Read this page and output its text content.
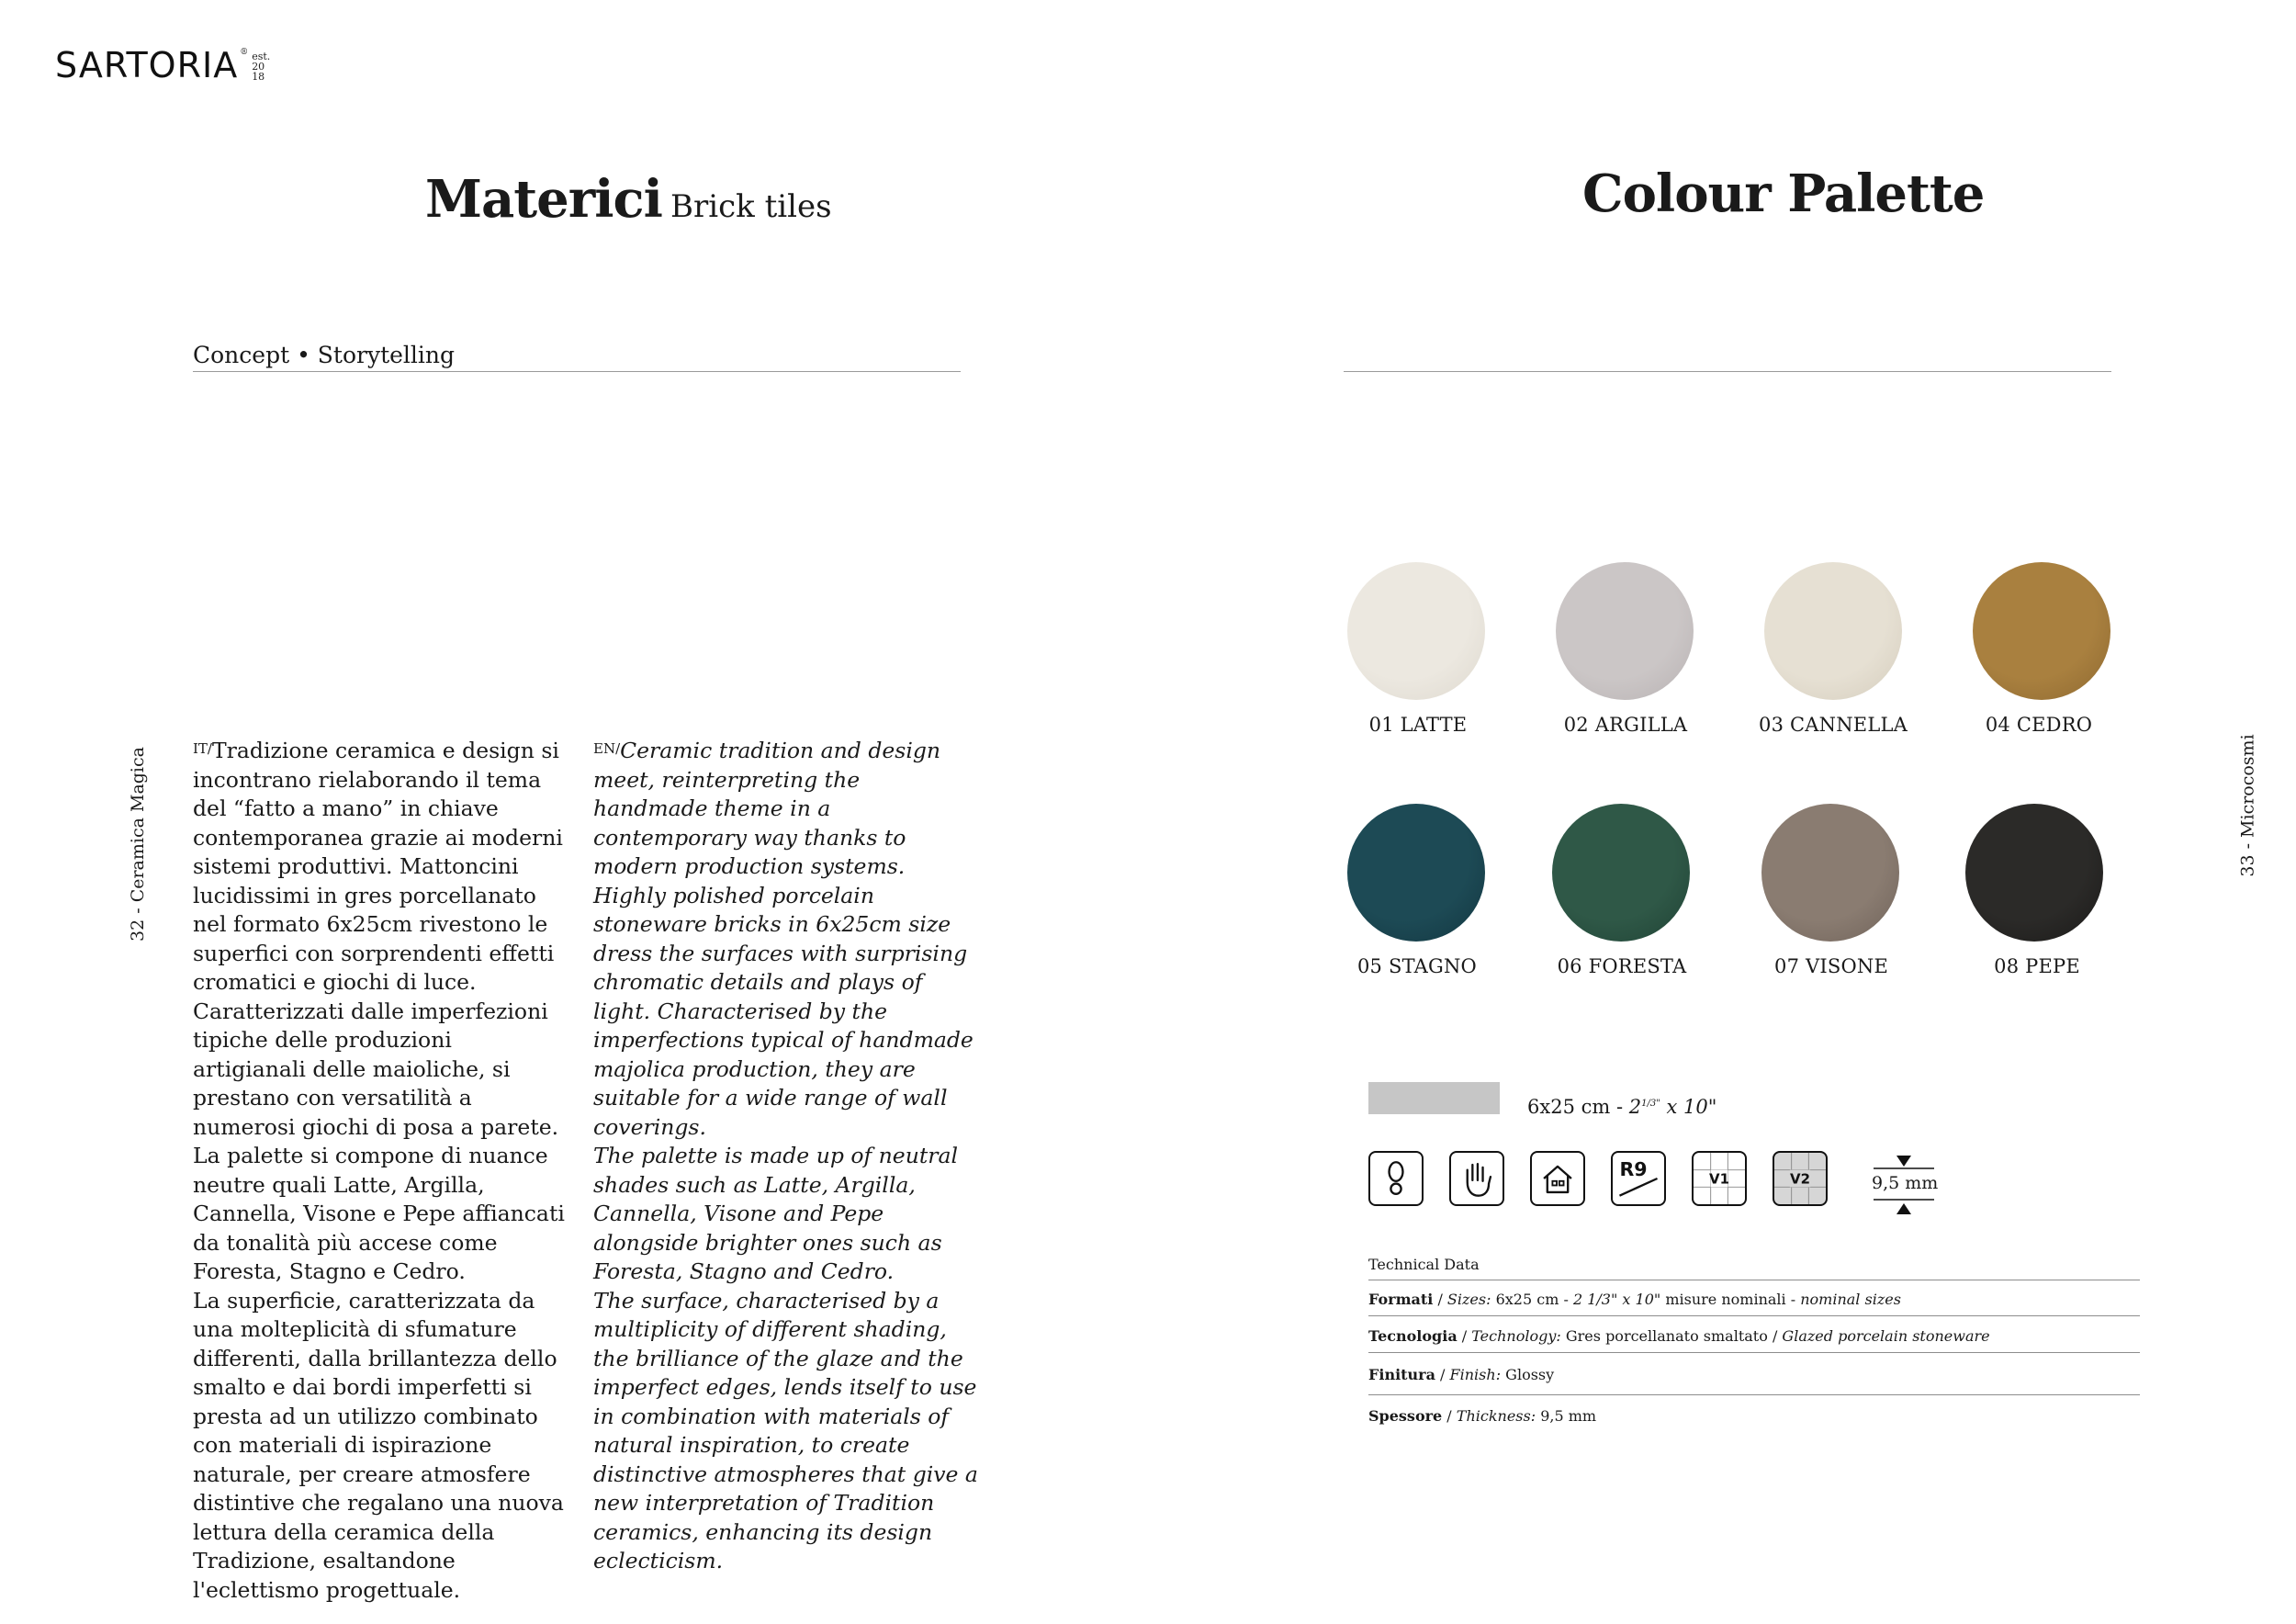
SARTORIA ® est.
20
18
Materici Brick tiles	Colour Palette
Concept • Storytelling
32 - Ceramica Magica	33 - Microcosmi
$^{IT/}$Tradizione ceramica e design si incontrano rielaborando il tema del “fatto a mano” in chiave contemporanea grazie ai moderni sistemi produttivi. Mattoncini lucidissimi in gres porcellanato nel formato 6x25cm rivestono le superfici con sorprendenti effetti cromatici e giochi di luce. Caratterizzati dalle imperfezioni tipiche delle produzioni artigianali delle maioliche, si prestano con versatilità a numerosi giochi di posa a parete.
La palette si compone di nuance neutre quali Latte, Argilla, Cannella, Visone e Pepe affiancati da tonalità più accese come Foresta, Stagno e Cedro.
La superficie, caratterizzata da una molteplicità di sfumature differenti, dalla brillantezza dello smalto e dai bordi imperfetti si presta ad un utilizzo combinato con materiali di ispirazione naturale, per creare atmosfere distintive che regalano una nuova lettura della ceramica della Tradizione, esaltandone l'eclettismo progettuale.
$^{EN/}$Ceramic tradition and design meet, reinterpreting the handmade theme in a contemporary way thanks to modern production systems. Highly polished porcelain stoneware bricks in 6x25cm size dress the surfaces with surprising chromatic details and plays of light. Characterised by the imperfections typical of handmade majolica production, they are suitable for a wide range of wall coverings.
The palette is made up of neutral shades such as Latte, Argilla, Cannella, Visone and Pepe alongside brighter ones such as Foresta, Stagno and Cedro.
The surface, characterised by a multiplicity of different shading, the brilliance of the glaze and the imperfect edges, lends itself to use in combination with materials of natural inspiration, to create distinctive atmospheres that give a new interpretation of Tradition ceramics, enhancing its design eclecticism.
01 LATTE	02 ARGILLA	03 CANNELLA	04 CEDRO
05 STAGNO	06 FORESTA	07 VISONE	08 PEPE
6x25 cm - $2^{1/3"}$ x 10"
R9	V1	V2	9,5 mm
Technical Data
Formati / Sizes: 6x25 cm - 2 1/3" x 10" misure nominali - nominal sizes
Tecnologia / Technology: Gres porcellanato smaltato / Glazed porcelain stoneware
Finitura / Finish: Glossy
Spessore / Thickness: 9,5 mm
